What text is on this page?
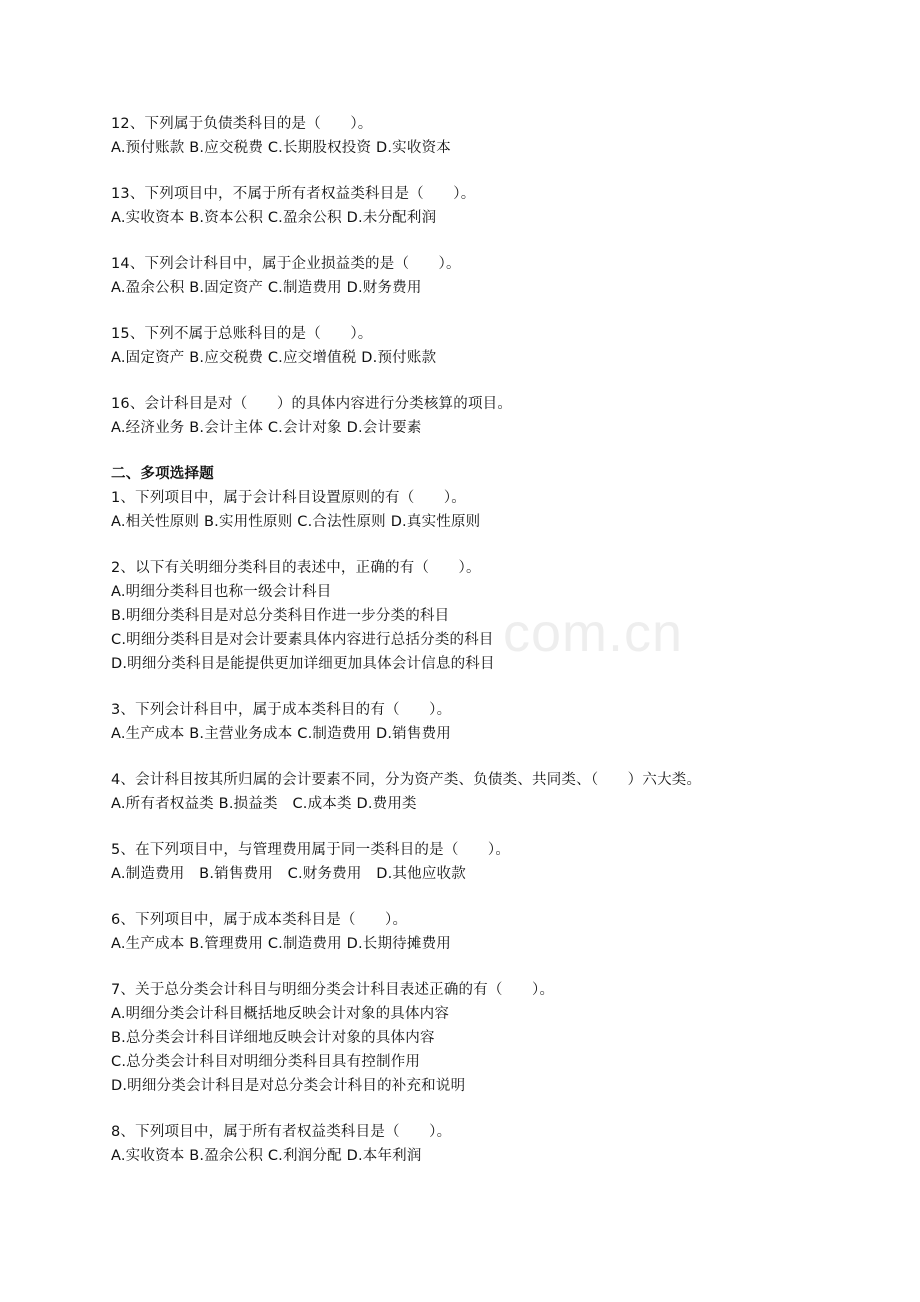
com.cn
12、下列属于负债类科目的是（　　）。
A.预付账款 B.应交税费 C.长期股权投资 D.实收资本
13、下列项目中，不属于所有者权益类科目是（　　）。
A.实收资本 B.资本公积 C.盈余公积 D.未分配利润
14、下列会计科目中，属于企业损益类的是（　　）。
A.盈余公积 B.固定资产 C.制造费用 D.财务费用
15、下列不属于总账科目的是（　　）。
A.固定资产 B.应交税费 C.应交增值税 D.预付账款
16、会计科目是对（　　）的具体内容进行分类核算的项目。
A.经济业务 B.会计主体 C.会计对象 D.会计要素
二、多项选择题
1、下列项目中，属于会计科目设置原则的有（　　）。
A.相关性原则 B.实用性原则 C.合法性原则 D.真实性原则
2、以下有关明细分类科目的表述中，正确的有（　　）。
A.明细分类科目也称一级会计科目
B.明细分类科目是对总分类科目作进一步分类的科目
C.明细分类科目是对会计要素具体内容进行总括分类的科目
D.明细分类科目是能提供更加详细更加具体会计信息的科目
3、下列会计科目中，属于成本类科目的有（　　）。
A.生产成本 B.主营业务成本 C.制造费用 D.销售费用
4、会计科目按其所归属的会计要素不同，分为资产类、负债类、共同类、（　　）六大类。
A.所有者权益类 B.损益类　C.成本类 D.费用类
5、在下列项目中，与管理费用属于同一类科目的是（　　）。
A.制造费用　B.销售费用　C.财务费用　D.其他应收款
6、下列项目中，属于成本类科目是（　　）。
A.生产成本 B.管理费用 C.制造费用 D.长期待摊费用
7、关于总分类会计科目与明细分类会计科目表述正确的有（　　）。
A.明细分类会计科目概括地反映会计对象的具体内容
B.总分类会计科目详细地反映会计对象的具体内容
C.总分类会计科目对明细分类科目具有控制作用
D.明细分类会计科目是对总分类会计科目的补充和说明
8、下列项目中，属于所有者权益类科目是（　　）。
A.实收资本 B.盈余公积 C.利润分配 D.本年利润
